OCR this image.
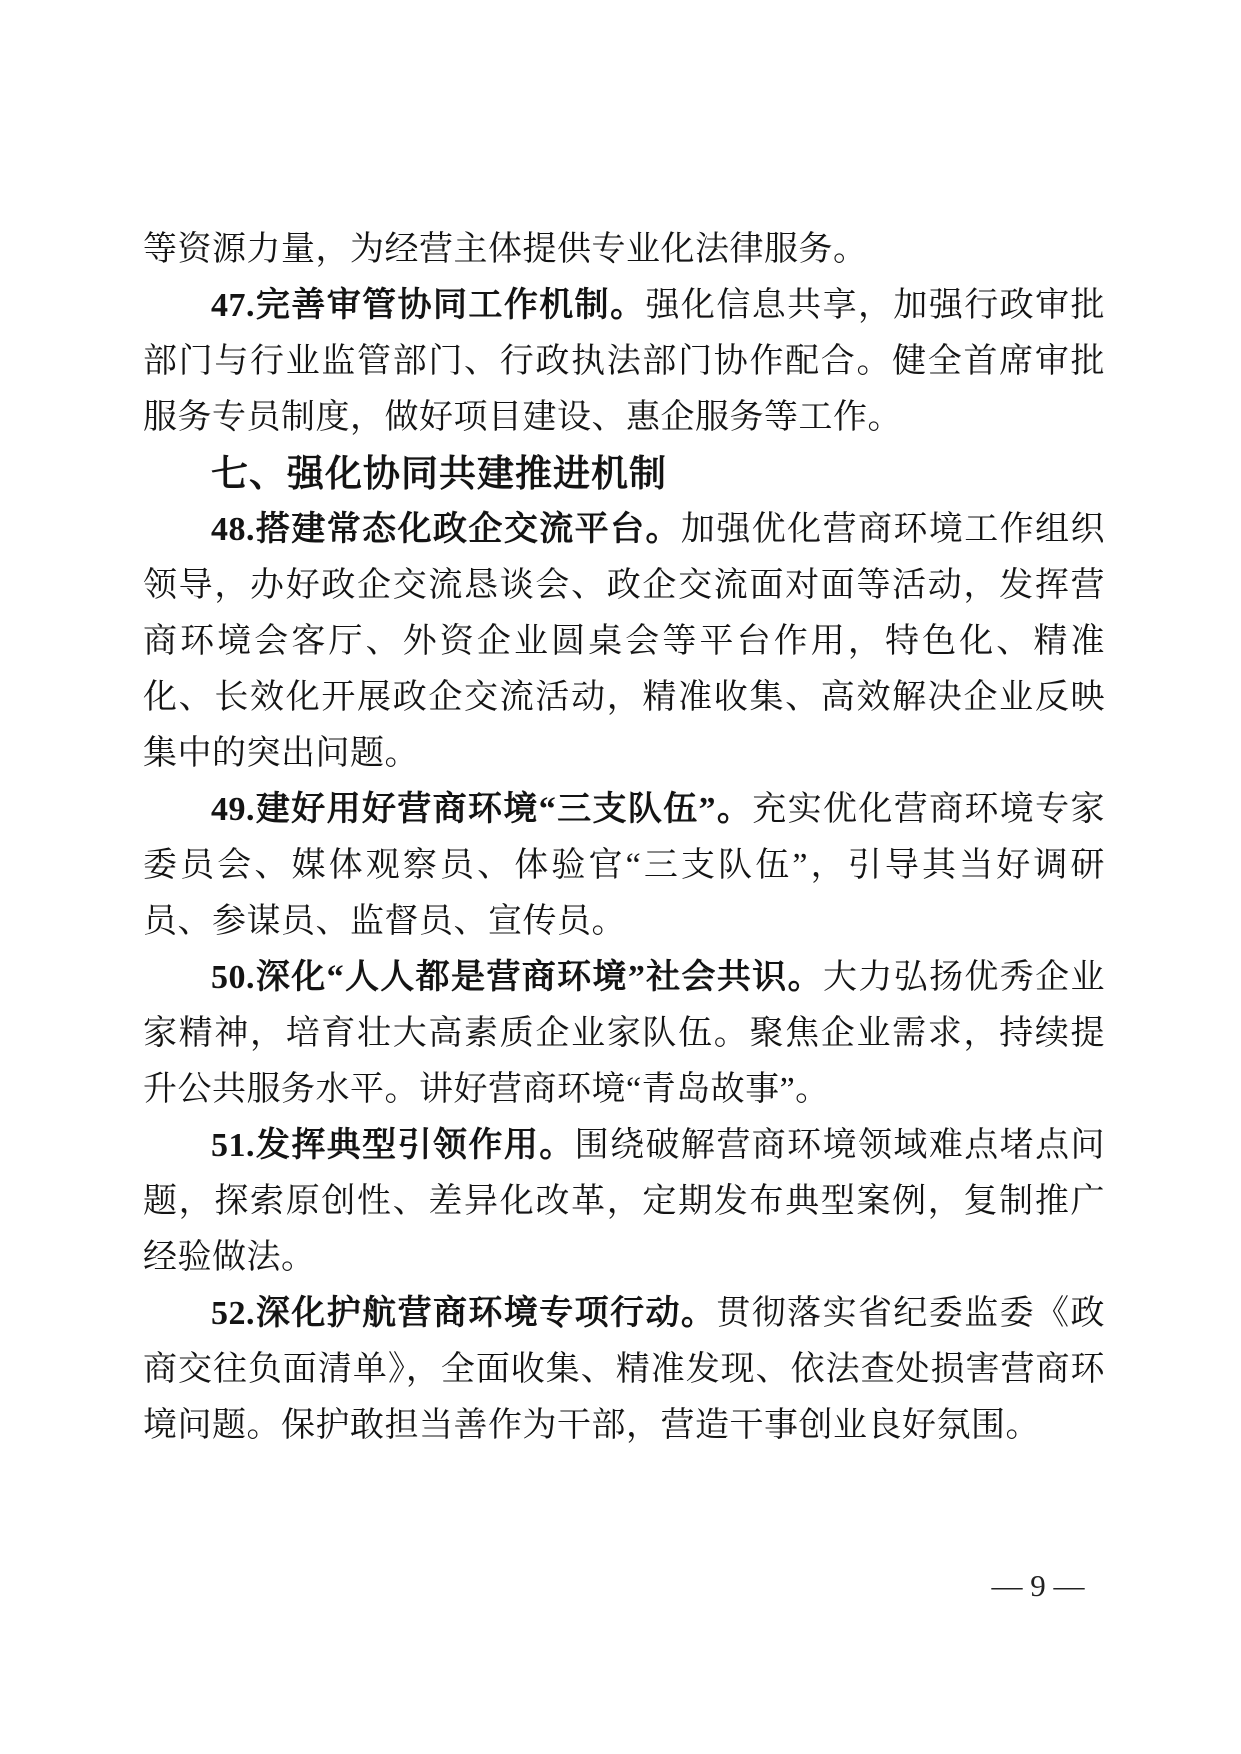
等资源力量，为经营主体提供专业化法律服务。

47.完善审管协同工作机制。强化信息共享，加强行政审批部门与行业监管部门、行政执法部门协作配合。健全首席审批服务专员制度，做好项目建设、惠企服务等工作。

七、强化协同共建推进机制

48.搭建常态化政企交流平台。加强优化营商环境工作组织领导，办好政企交流恳谈会、政企交流面对面等活动，发挥营商环境会客厅、外资企业圆桌会等平台作用，特色化、精准化、长效化开展政企交流活动，精准收集、高效解决企业反映集中的突出问题。

49.建好用好营商环境“三支队伍”。充实优化营商环境专家委员会、媒体观察员、体验官“三支队伍”，引导其当好调研员、参谋员、监督员、宣传员。

50.深化“人人都是营商环境”社会共识。大力弘扬优秀企业家精神，培育壮大高素质企业家队伍。聚焦企业需求，持续提升公共服务水平。讲好营商环境“青岛故事”。

51.发挥典型引领作用。围绕破解营商环境领域难点堵点问题，探索原创性、差异化改革，定期发布典型案例，复制推广经验做法。

52.深化护航营商环境专项行动。贯彻落实省纪委监委《政商交往负面清单》，全面收集、精准发现、依法查处损害营商环境问题。保护敢担当善作为干部，营造干事创业良好氛围。

— 9 —
